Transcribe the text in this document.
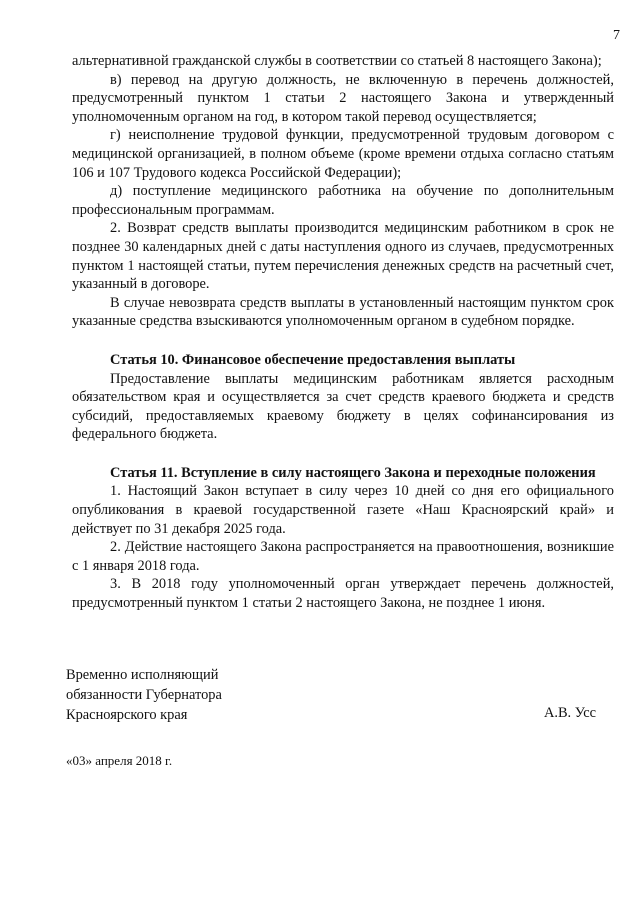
7

альтернативной гражданской службы в соответствии со статьей 8 настоящего Закона);

в) перевод на другую должность, не включенную в перечень должностей, предусмотренный пунктом 1 статьи 2 настоящего Закона и утвержденный уполномоченным органом на год, в котором такой перевод осуществляется;

г) неисполнение трудовой функции, предусмотренной трудовым договором с медицинской организацией, в полном объеме (кроме времени отдыха согласно статьям 106 и 107 Трудового кодекса Российской Федерации);

д) поступление медицинского работника на обучение по дополнительным профессиональным программам.

2. Возврат средств выплаты производится медицинским работником в срок не позднее 30 календарных дней с даты наступления одного из случаев, предусмотренных пунктом 1 настоящей статьи, путем перечисления денежных средств на расчетный счет, указанный в договоре.

В случае невозврата средств выплаты в установленный настоящим пунктом срок указанные средства взыскиваются уполномоченным органом в судебном порядке.

Статья 10. Финансовое обеспечение предоставления выплаты

Предоставление выплаты медицинским работникам является расходным обязательством края и осуществляется за счет средств краевого бюджета и средств субсидий, предоставляемых краевому бюджету в целях софинансирования из федерального бюджета.

Статья 11. Вступление в силу настоящего Закона и переходные положения

1. Настоящий Закон вступает в силу через 10 дней со дня его официального опубликования в краевой государственной газете «Наш Красноярский край» и действует по 31 декабря 2025 года.

2. Действие настоящего Закона распространяется на правоотношения, возникшие с 1 января 2018 года.

3. В 2018 году уполномоченный орган утверждает перечень должностей, предусмотренный пунктом 1 статьи 2 настоящего Закона, не позднее 1 июня.

Временно исполняющий
обязанности Губернатора
Красноярского края	А.В. Усс
«03» апреля 2018 г.
